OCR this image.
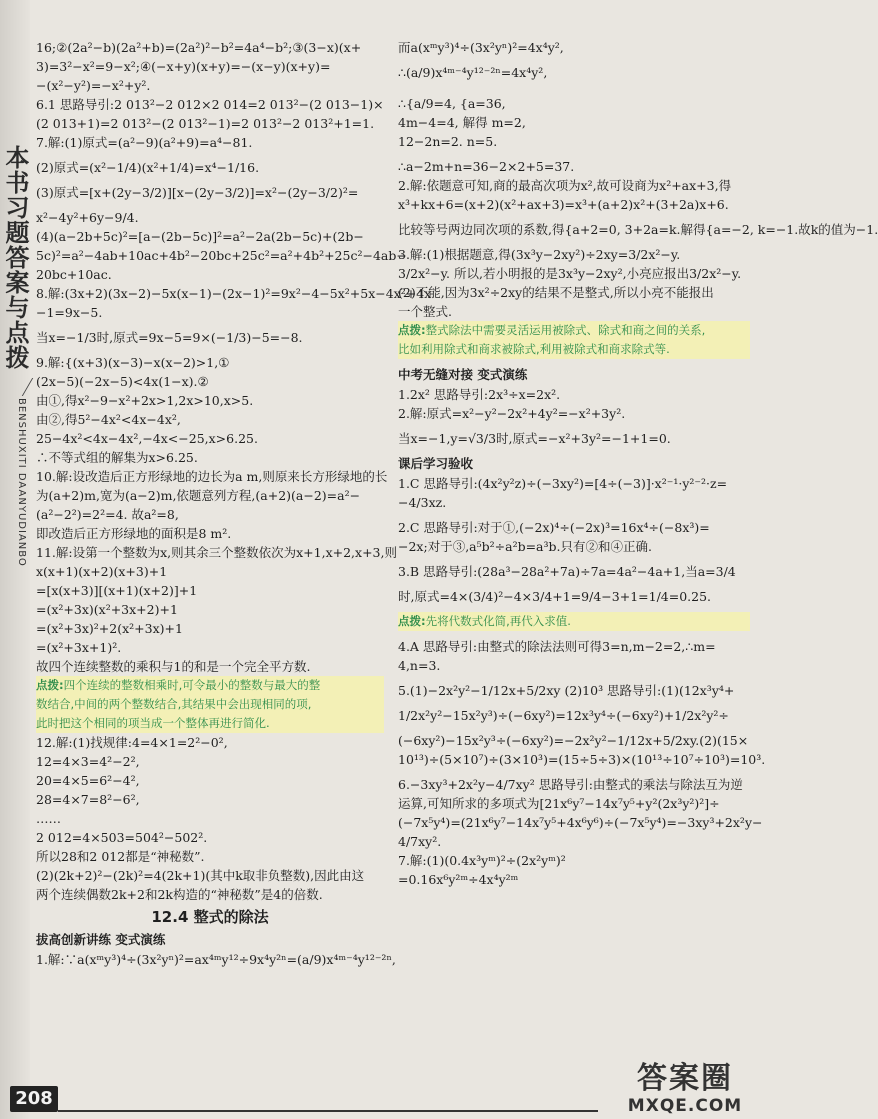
本书习题答案与点拨
BENSHUXITI DAANYUDIANBO
16;②(2a²−b)(2a²+b)=(2a²)²−b²=4a⁴−b²;③(3−x)(x+
3)=3²−x²=9−x²;④(−x+y)(x+y)=−(x−y)(x+y)=
−(x²−y²)=−x²+y².
6.1 思路导引:2 013²−2 012×2 014=2 013²−(2 013−1)×
(2 013+1)=2 013²−(2 013²−1)=2 013²−2 013²+1=1.
7.解:(1)原式=(a²−9)(a²+9)=a⁴−81.
(2)原式=(x²−1/4)(x²+1/4)=x⁴−1/16.
(3)原式=[x+(2y−3/2)][x−(2y−3/2)]=x²−(2y−3/2)²=
x²−4y²+6y−9/4.
(4)(a−2b+5c)²=[a−(2b−5c)]²=a²−2a(2b−5c)+(2b−
5c)²=a²−4ab+10ac+4b²−20bc+25c²=a²+4b²+25c²−4ab−
20bc+10ac.
8.解:(3x+2)(3x−2)−5x(x−1)−(2x−1)²=9x²−4−5x²+5x−4x²+4x
−1=9x−5.
当x=−1/3时,原式=9x−5=9×(−1/3)−5=−8.
9.解:{(x+3)(x−3)−x(x−2)>1,①
(2x−5)(−2x−5)<4x(1−x).②
由①,得x²−9−x²+2x>1,2x>10,x>5.
由②,得5²−4x²<4x−4x²,
25−4x²<4x−4x²,−4x<−25,x>6.25.
∴不等式组的解集为x>6.25.
10.解:设改造后正方形绿地的边长为a m,则原来长方形绿地的长
为(a+2)m,宽为(a−2)m,依题意列方程,(a+2)(a−2)=a²−
(a²−2²)=2²=4. 故a²=8,
即改造后正方形绿地的面积是8 m².
11.解:设第一个整数为x,则其余三个整数依次为x+1,x+2,x+3,则
x(x+1)(x+2)(x+3)+1
=[x(x+3)][(x+1)(x+2)]+1
=(x²+3x)(x²+3x+2)+1
=(x²+3x)²+2(x²+3x)+1
=(x²+3x+1)².
故四个连续整数的乘积与1的和是一个完全平方数.
点拨:四个连续的整数相乘时,可令最小的整数与最大的整
数结合,中间的两个整数结合,其结果中会出现相同的项,
此时把这个相同的项当成一个整体再进行简化.
12.解:(1)找规律:4=4×1=2²−0²,
12=4×3=4²−2²,
20=4×5=6²−4²,
28=4×7=8²−6²,
……
2 012=4×503=504²−502².
所以28和2 012都是“神秘数”.
(2)(2k+2)²−(2k)²=4(2k+1)(其中k取非负整数),因此由这
两个连续偶数2k+2和2k构造的“神秘数”是4的倍数.
12.4 整式的除法
拔高创新讲练 变式演练
1.解:∵a(xᵐy³)⁴÷(3x²yⁿ)²=ax⁴ᵐy¹²÷9x⁴y²ⁿ=(a/9)x⁴ᵐ⁻⁴y¹²⁻²ⁿ,
而a(xᵐy³)⁴÷(3x²yⁿ)²=4x⁴y²,
∴(a/9)x⁴ᵐ⁻⁴y¹²⁻²ⁿ=4x⁴y²,
∴{a/9=4, {a=36,
4m−4=4, 解得 m=2,
12−2n=2. n=5.
∴a−2m+n=36−2×2+5=37.
2.解:依题意可知,商的最高次项为x²,故可设商为x²+ax+3,得
x³+kx+6=(x+2)(x²+ax+3)=x³+(a+2)x²+(3+2a)x+6.
比较等号两边同次项的系数,得{a+2=0, 3+2a=k.解得{a=−2, k=−1.故k的值为−1.
3.解:(1)根据题意,得(3x³y−2xy²)÷2xy=3/2x²−y.
3/2x²−y. 所以,若小明报的是3x³y−2xy²,小亮应报出3/2x²−y.
(2)不能,因为3x²÷2xy的结果不是整式,所以小亮不能报出
一个整式.
点拨:整式除法中需要灵活运用被除式、除式和商之间的关系,
比如利用除式和商求被除式,利用被除式和商求除式等.
中考无缝对接 变式演练
1.2x² 思路导引:2x³÷x=2x².
2.解:原式=x²−y²−2x²+4y²=−x²+3y².
当x=−1,y=√3/3时,原式=−x²+3y²=−1+1=0.
课后学习验收
1.C 思路导引:(4x²y²z)÷(−3xy²)=[4÷(−3)]·x²⁻¹·y²⁻²·z=
−4/3xz.
2.C 思路导引:对于①,(−2x)⁴÷(−2x)³=16x⁴÷(−8x³)=
−2x;对于③,a⁵b²÷a²b=a³b.只有②和④正确.
3.B 思路导引:(28a³−28a²+7a)÷7a=4a²−4a+1,当a=3/4
时,原式=4×(3/4)²−4×3/4+1=9/4−3+1=1/4=0.25.
点拨:先将代数式化简,再代入求值.
4.A 思路导引:由整式的除法法则可得3=n,m−2=2,∴m=
4,n=3.
5.(1)−2x²y²−1/12x+5/2xy (2)10³ 思路导引:(1)(12x³y⁴+
1/2x²y²−15x²y³)÷(−6xy²)=12x³y⁴÷(−6xy²)+1/2x²y²÷
(−6xy²)−15x²y³÷(−6xy²)=−2x²y²−1/12x+5/2xy.(2)(15×
10¹³)÷(5×10⁷)÷(3×10³)=(15÷5÷3)×(10¹³÷10⁷÷10³)=10³.
6.−3xy³+2x²y−4/7xy² 思路导引:由整式的乘法与除法互为逆
运算,可知所求的多项式为[21x⁶y⁷−14x⁷y⁵+y²(2x³y²)²]÷
(−7x⁵y⁴)=(21x⁶y⁷−14x⁷y⁵+4x⁶y⁶)÷(−7x⁵y⁴)=−3xy³+2x²y−
4/7xy².
7.解:(1)(0.4x³yᵐ)²÷(2x²yᵐ)²
=0.16x⁶y²ᵐ÷4x⁴y²ᵐ
208
答案圈
MXQE.COM
